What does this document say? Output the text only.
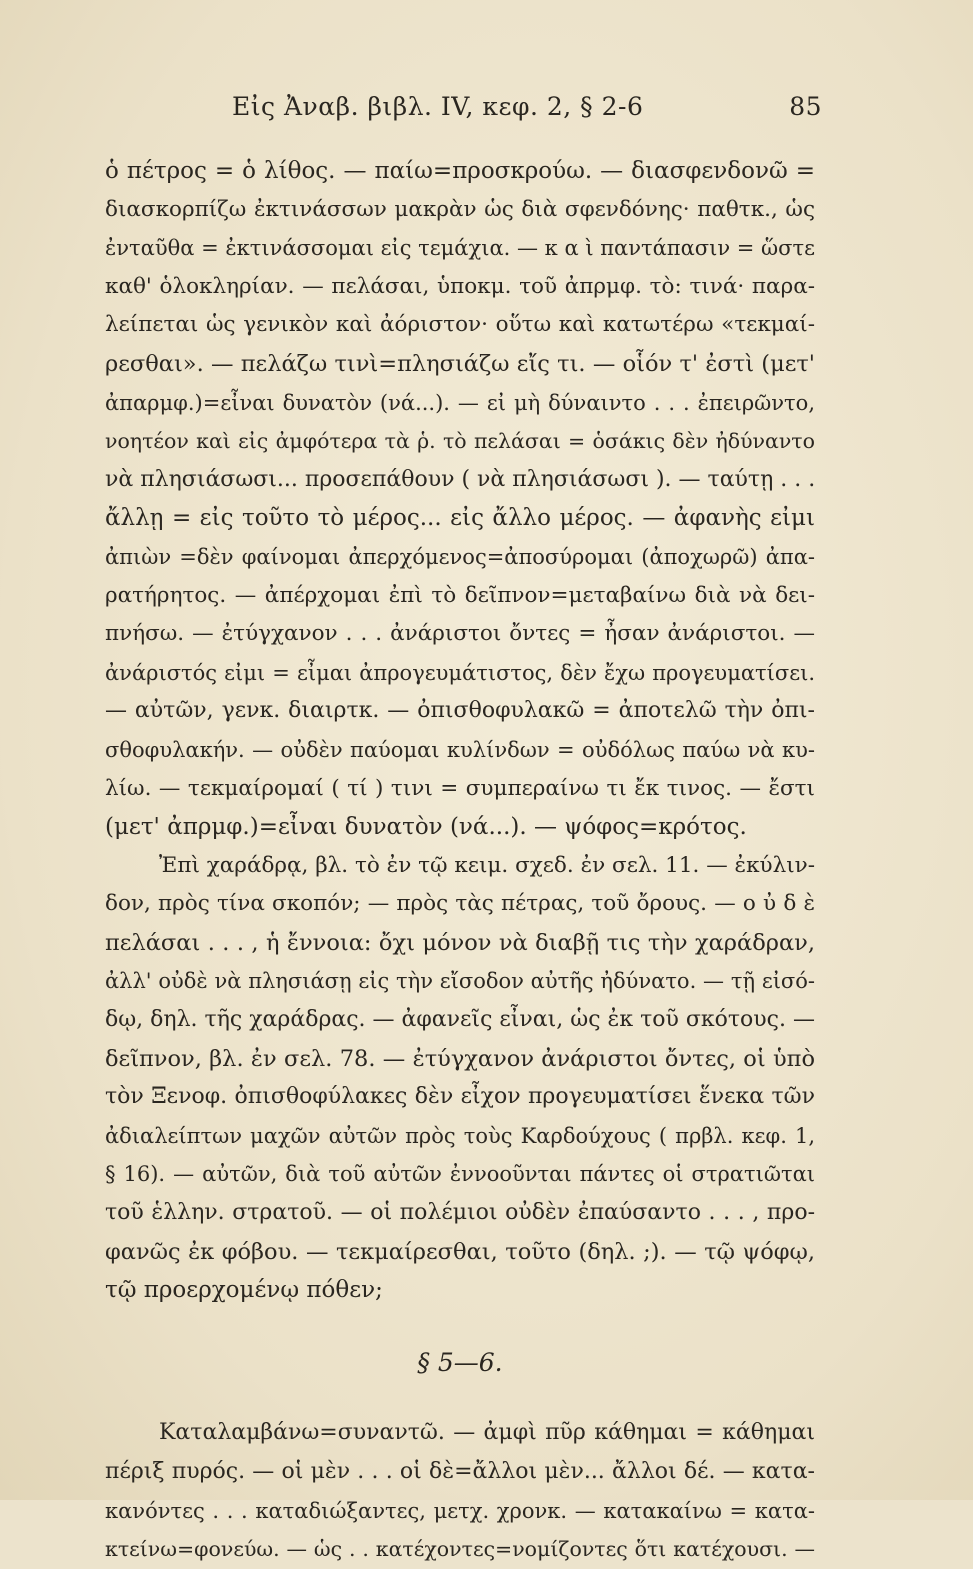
Εἰς Ἀναβ. βιβλ. IV, κεφ. 2, § 2-6	85
ὁ πέτρος = ὁ λίθος. — παίω=προσκρούω. — διασφενδονῶ =
διασκορπίζω ἐκτινάσσων μακρὰν ὡς διὰ σφενδόνης· παθτκ., ὡς
ἐνταῦθα = ἐκτινάσσομαι εἰς τεμάχια. — κ α ὶ παντάπασιν = ὥστε
καθ' ὁλοκληρίαν. — πελάσαι, ὑποκμ. τοῦ ἀπρμφ. τὸ: τινά· παρα-
λείπεται ὡς γενικὸν καὶ ἀόριστον· οὕτω καὶ κατωτέρω «τεκμαί-
ρεσθαι». — πελάζω τινὶ=πλησιάζω εἴς τι. — οἷόν τ' ἐστὶ (μετ'
ἀπαρμφ.)=εἶναι δυνατὸν (νά...). — εἰ μὴ δύναιντο . . . ἐπειρῶντο,
νοητέον καὶ εἰς ἀμφότερα τὰ ῥ. τὸ πελάσαι = ὁσάκις δὲν ἠδύναντο
νὰ πλησιάσωσι... προσεπάθουν ( νὰ πλησιάσωσι ). — ταύτῃ . . .
ἄλλῃ = εἰς τοῦτο τὸ μέρος... εἰς ἄλλο μέρος. — ἀφανὴς εἰμι
ἀπιὼν =δὲν φαίνομαι ἀπερχόμενος=ἀποσύρομαι (ἀποχωρῶ) ἀπα-
ρατήρητος. — ἀπέρχομαι ἐπὶ τὸ δεῖπνον=μεταβαίνω διὰ νὰ δει-
πνήσω. — ἐτύγχανον . . . ἀνάριστοι ὄντες = ἦσαν ἀνάριστοι. —
ἀνάριστός εἰμι = εἶμαι ἀπρογευμάτιστος, δὲν ἔχω προγευματίσει.
— αὐτῶν, γενκ. διαιρτκ. — ὀπισθοφυλακῶ = ἀποτελῶ τὴν ὀπι-
σθοφυλακήν. — οὐδὲν παύομαι κυλίνδων = οὐδόλως παύω νὰ κυ-
λίω. — τεκμαίρομαί ( τί ) τινι = συμπεραίνω τι ἔκ τινος. — ἔστι
(μετ' ἀπρμφ.)=εἶναι δυνατὸν (νά...). — ψόφος=κρότος.
Ἐπὶ χαράδρᾳ, βλ. τὸ ἐν τῷ κειμ. σχεδ. ἐν σελ. 11. — ἐκύλιν-
δον, πρὸς τίνα σκοπόν; — πρὸς τὰς πέτρας, τοῦ ὄρους. — ο ὐ δ ὲ
πελάσαι . . . , ἡ ἔννοια: ὄχι μόνον νὰ διαβῇ τις τὴν χαράδραν,
ἀλλ' οὐδὲ νὰ πλησιάσῃ εἰς τὴν εἴσοδον αὐτῆς ἠδύνατο. — τῇ εἰσό-
δῳ, δηλ. τῆς χαράδρας. — ἀφανεῖς εἶναι, ὡς ἐκ τοῦ σκότους. —
δεῖπνον, βλ. ἐν σελ. 78. — ἐτύγχανον ἀνάριστοι ὄντες, οἱ ὑπὸ
τὸν Ξενοφ. ὀπισθοφύλακες δὲν εἶχον προγευματίσει ἕνεκα τῶν
ἀδιαλείπτων μαχῶν αὐτῶν πρὸς τοὺς Καρδούχους ( πρβλ. κεφ. 1,
§ 16). — αὐτῶν, διὰ τοῦ αὐτῶν ἐννοοῦνται πάντες οἱ στρατιῶται
τοῦ ἑλλην. στρατοῦ. — οἱ πολέμιοι οὐδὲν ἐπαύσαντο . . . , προ-
φανῶς ἐκ φόβου. — τεκμαίρεσθαι, τοῦτο (δηλ. ;). — τῷ ψόφῳ,
τῷ προερχομένῳ πόθεν;
§ 5—6.
Καταλαμβάνω=συναντῶ. — ἀμφὶ πῦρ κάθημαι = κάθημαι
πέριξ πυρός. — οἱ μὲν . . . οἱ δὲ=ἄλλοι μὲν... ἄλλοι δέ. — κατα-
κανόντες . . . καταδιώξαντες, μετχ. χρονκ. — κατακαίνω = κατα-
κτείνω=φονεύω. — ὡς . . κατέχοντες=νομίζοντες ὅτι κατέχουσι. —
